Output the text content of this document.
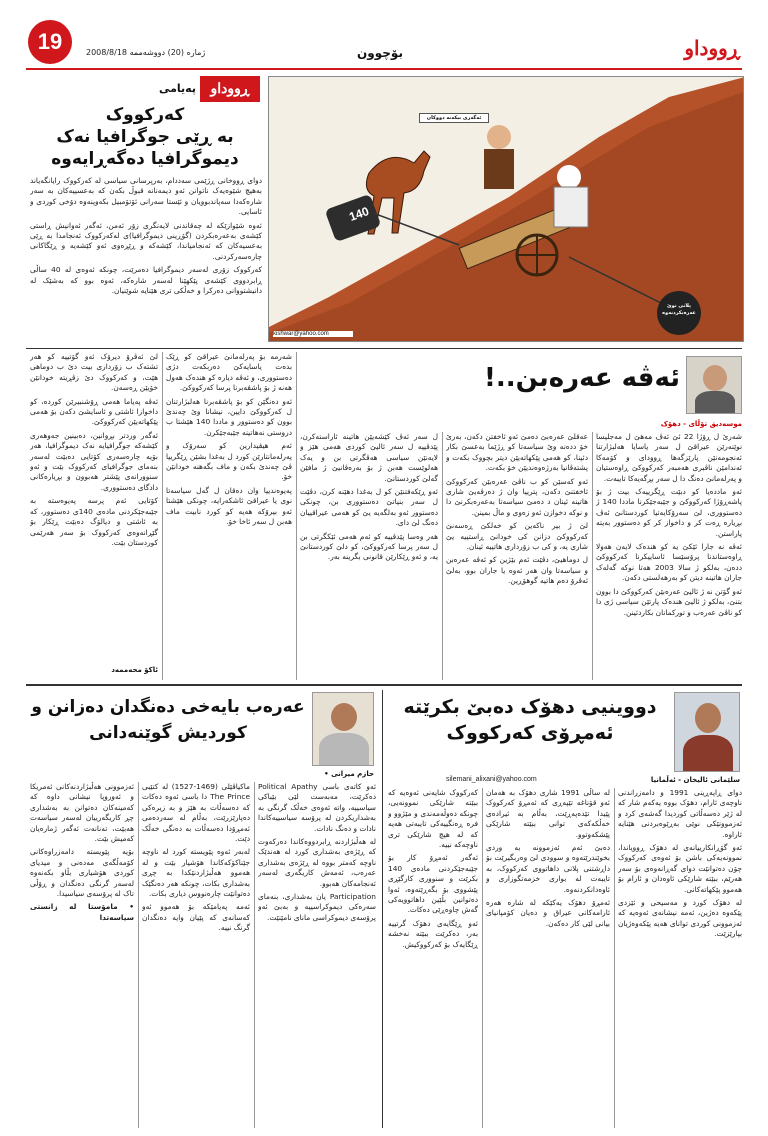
19	ژمارە (20) دووشەممە 2008/8/18	بۆچوون	ڕووداو
ڕووداو
پەیامی
کەرکووک
بە ڕێی جوگرافیا نەک
دیموگرافیا دەگەڕایەوە

دوای ڕووخانی ڕژێمی سەددام، بەرپرسانی سیاسی لە کەرکووک رایانگەیاند بەهیچ شێوەیەک ناتوانن ئەو دیمەنانە قبوڵ بکەن کە بەعسییەکان بە سەر شارەکەدا سەپاندبوویان و ئێستا سەرانی ئۆتۆمبیل بکەوینەوە دۆخی کوردی و ئاسایی.

ئەوە شێوازێکە لە چەقاندنی لایەنگری زۆر ئەمن، ئەگەر ئەوانیش ڕاستی کێشەی بەعەرەبکردن (گۆڕینی دیموگرافیا)ی لەکەرکووک ئەنجامدا بە ڕێی بەعسیەکان کە ئەنجامیاندا، کێشەکە و ڕێڕەوی ئەو کێشەیە و ڕێگاکانی چارەسەرکردنی.

کەرکووک زۆری لەسەر دیموگرافیا دەمرێت، چونکە ئەوەی لە 40 ساڵی ڕابردووی کێشەی پێکهێنا لەسەر شارەکە، ئەوە بوو کە بەشێک لە دانیشتووانی دەرکرا و خەڵکی تری هێنایە شوێنیان.

140
ئەگەری بیکەنە دووکان
پلانی نوێ عەرەبکردنەوە
kishwar@yahoo.com
ئەڤە عەرەبن..!
موسەدیق تۆڵای - دھۆک

شەرێ ل ڕۆژا 22 ئێ ئەڤ مەھێ ل مەجلیسا نوێنەرێن عیراقێ ل سەر یاسایا ھەلبژارتنا ئەنجومەنێن پارێزگەھا ڕوودای و کۆمەکا ئەندامێن ناڤبری ھەمبەر کەرکووکێ ڕاوەستیان و پەرلەمانێ دەنگ دا ل سەر بڕگەیەکا تایبەت.

ئەو ماددەیا کو دبێت ڕێگرییەک بیت ژ بۆ پاشەڕۆژا کەرکووکێ و جێبەجێکرنا ماددا 140 ژ دەستووری، لێ سەرۆکایەتیا کوردستانێ ئەڤ بڕیارە ڕەت کر و داخواز کر کو دەستوور بەیتە پاراستن.

ئەڤە نە جارا ئێکێ یە کو ھندەک لایەن ھەولا ڕاوەستاندنا پرۆسێسا ئاساییکرنا کەرکووکێ ددەن، بەلکو ژ سالا 2003 ھەتا نوکە گەلەک جاران ھاتینە دیتن کو بەرھەلستی دکەن.

ئەو گۆتن نە ژ ئالیێ عەرەبێن کەرکووکێ دا بوون بتنێ، بەلکو ژ ئالیێ ھندەک پارتێن سیاسی ژی دا کو ناڤێ عەرەب و تورکمانان بکاردئینن.

عەقلێ عەرەبێ دەمێ ئەو ئاخفتن دکەن، بەرێ خۆ ددەنە وێ سیاسەتا کو ڕژێما بەعسێ بکار دئینا، کو ھەمی پێکھاتەیێن دیتر بچووک بکەت و پشتەڤانیا بەرژەوەندیێن خۆ بکەت.

ئەو کەسێن کو ب ناڤێ عەرەبێن کەرکووکێ ئاخفتنێ دکەن، پترییا وان ژ دەرڤەیێ شاری ھاتینە ئینان د دەمێ سیاسەتا بەعەرەبکرنێ دا و نوکە دخوازن ئەو زەوی و ماڵ بمینن.

لێ ژ بیر ناکەین کو خەلکێ ڕەسەنێ کەرکووکێ دزانن کی خودانێ ڕاستییە یێ شاری یە، و کی ب زۆرداری ھاتییە ئینان.

ل دوماھیێ، دڤێت ئەم بێژین کو ئەڤە عەرەبن و سیاسەتا وان ھەر ئەوە یا جاران بوو، بەلێ ئەڤرۆ دەم ھاتیە گوھۆڕین.

ل سەر ئەڤ کێشەیێن ھاتینە ئاراستەکرن، پێدڤییە ل سەر ئالیێ کوردی ھەمی ھێز و لایەنێن سیاسی ھەڤگرتی بن و یەک ھەلوێست ھەبن ژ بۆ بەرەڤانیێ ژ مافێن گەلێ کوردستانێ.

ئەو ڕێکەفتنێن کو ل بەغدا دھێنە کرن، دڤێت ل سەر بنیاتێ دەستووری بن، چونکی دەستوور ئەو بەلگەیە یێ کو ھەمی عیراقییان دەنگ لێ دای.

ھەر وەسا پێدڤییە کو ئەم ھەمی ئێکگرتی بن ل سەر پرسا کەرکووکێ، کو دلێ کوردستانێ یە، و ئەو ڕێکارێن قانونی بگرینە بەر.

شەرمە بۆ پەرلەمانێ عیراقێ کو ڕێک بدەت یاسایەکێ دەربکەت دژی دەستووری، و ئەڤە دیارە کو ھندەک ھەول ھەنە ژ بۆ پاشڤەبرنا پرسا کەرکووکێ.

ئەو دەنگێن کو بۆ پاشڤەبرنا ھەلبژارتنان ل کەرکووکێ دایین، نیشانا وێ چەندێ بوون کو دەستوور و ماددا 140 ھێشتا ب دروستی نەھاتینە جێبەجێکرن.

ئەم ھیڤیدارین کو سەرۆک و پەرلەمانتارێن کورد ل بەغدا بشێن ڕێگرییا ڤێ چەندێ بکەن و ماف بگەھنە خودانێن خۆ.

پەیوەندییا وان دەقان ل گەل سیاسەتا نوی یا عیراقێ ئاشکەرایە، چونکی ھێشتا ئەو بیرۆکە ھەیە کو کورد نابیت ماف ھەبن ل سەر ئاخا خۆ.

لێ ئەڤرۆ دیرۆک ئەو گۆتییە کو ھەر تشتەک ب زۆرداری بیت دێ ب دوماھی ھێت، و کەرکووک دێ زڤڕیتە خودانێن خۆیێن ڕەسەن.

ئەڤە پەیاما ھەمی ڕۆشنبیرێن کوردە، کو داخوازا ئاشتی و ئاسایشێ دکەن بۆ ھەمی پێکھاتەیێن کەرکووکێ.

ئەگەر وردتر بڕوانین، دەبینین جەوهەری کێشەکە جوگرافیایە نەک دیموگرافیا، هەر بۆیە چارەسەری کۆتایی دەبێت لەسەر بنەمای جوگرافیای کەرکووک بێت و ئەو سنوورانەی پێشتر هەبوون و بڕیارەکانی دادگای دەستووری.

کۆتایی ئەم پرسە پەیوەستە بە جێبەجێکردنی مادەی 140ی دەستوور، کە بە ئاشتی و دیالۆگ دەبێت ڕێکار بۆ گێڕانەوەی کەرکووک بۆ سەر هەرێمی کوردستان بێت.

ئاکۆ محەممەد
دووینیی دھۆک دەبێ بکرێتە
ئەمڕۆی کەرکووک
سلێمانی ئالیخان - ئەڵمانیا
silemani_alixani@yahoo.com

دوای ڕاپەڕینی 1991 و دامەزراندنی ناوچەی ئارام، دھۆک بووە یەکەم شار کە لە ژێر دەسەڵاتی کوردیدا گەشەی کرد و ئەزموونێکی نوێی بەڕێوەبردنی ھێنایە ئاراوە.

ئەو گۆڕانکارییانەی لە دھۆک ڕوویاندا، نموونەیەکی باشن بۆ ئەوەی کەرکووک چۆن دەتوانێت دوای گەڕانەوەی بۆ سەر ھەرێم، ببێتە شارێکی ئاوەدان و ئارام بۆ ھەموو پێکھاتەکانی.

لە دھۆک کورد و مەسیحی و ئێزدی پێکەوە دەژین، ئەمە نیشانەی ئەوەیە کە ئەزموونی کوردی توانای ھەیە پێکەوەژیان بپارێزێت.

لە ساڵی 1991 شاری دھۆک بە ھەمان ئەو قۆناغە تێپەڕی کە ئەمڕۆ کەرکووک پێیدا تێدەپەڕێت، بەڵام بە ئیرادەی خەڵکەکەی توانی ببێتە شارێکی پێشکەوتوو.

دەبێ ئەم ئەزموونە بە وردی بخوێندرێتەوە و سوودی لێ وەربگیرێت بۆ داڕشتنی پلانی داھاتووی کەرکووک، بە تایبەت لە بواری خزمەتگوزاری و ئاوەدانکردنەوە.

ئەمڕۆ دھۆک یەکێکە لە شارە ھەرە ئارامەکانی عیراق و دەیان کۆمپانیای بیانی لێی کار دەکەن.

کەرکووک شایەنی ئەوەیە کە ببێتە شارێکی نموونەیی، چونکە دەوڵەمەندی و مێژوو و فرە ڕەنگییەکی تایبەتی ھەیە کە لە ھیچ شارێکی تری ناوچەکە نییە.

ئەگەر ئەمڕۆ کار بۆ جێبەجێکردنی مادەی 140 بکرێت و سنووری کارگێڕی پێشووی بۆ بگەڕێتەوە، ئەوا دەتوانین بڵێین داھاتوویەکی گەش چاوەڕێی دەکات.

ئەو ڕێگایەی دھۆک گرتییە بەر، دەکرێت ببێتە نەخشە ڕێگایەک بۆ کەرکووکیش.

عەرەب بایەخی دەنگدان دەزانن و
کوردیش گوێنەدانی
حازم میرانی •

ئەو کاتەی باسی Political Apathy دەکرێت، مەبەست لێی بێباکی سیاسییە، واتە ئەوەی خەڵک گرنگی بە بەشداریکردن لە پرۆسە سیاسییەکاندا نادات و دەنگ نادات.

لە ھەڵبژاردنە ڕابردووەکاندا دەرکەوت کە ڕێژەی بەشداری کورد لە ھەندێک ناوچە کەمتر بووە لە ڕێژەی بەشداری عەرەب، ئەمەش کاریگەری لەسەر ئەنجامەکان ھەبوو.

Participation یان بەشداری، بنەمای سەرەکی دیموکراسییە و بەبێ ئەو پرۆسەی دیموکراسی مانای نامێنێت.

ماکیاڤێلی (1469-1527) لە کتێبی The Prince دا باسی ئەوە دەکات کە دەسەڵات بە ھێز و بە زیرەکی دەپارێزرێت، بەڵام لە سەردەمی ئەمڕۆدا دەسەڵات بە دەنگی خەڵک دێت.

لەبەر ئەوە پێویستە کورد لە ناوچە جێناکۆکەکاندا ھۆشیار بێت و لە ھەموو ھەڵبژاردنێکدا بە چڕی بەشداری بکات، چونکە ھەر دەنگێک دەتوانێت چارەنووس دیاری بکات.

ئەمە پەیامێکە بۆ ھەموو ئەو کەسانەی کە پێیان وایە دەنگدان گرنگ نییە.

ئەزموونی ھەڵبژاردنەکانی ئەمریکا و ئەوروپا نیشانی داوە کە کەمینەکان دەتوانن بە بەشداری چڕ کاریگەرییان لەسەر سیاسەت ھەبێت، تەنانەت ئەگەر ژمارەیان کەمیش بێت.

بۆیە پێویستە دامەزراوەکانی کۆمەڵگەی مەدەنی و میدیای کوردی ھۆشیاری بڵاو بکەنەوە لەسەر گرنگی دەنگدان و ڕۆڵی تاک لە پرۆسەی سیاسیدا.

• مامۆستا لە زانستی سیاسەتدا
